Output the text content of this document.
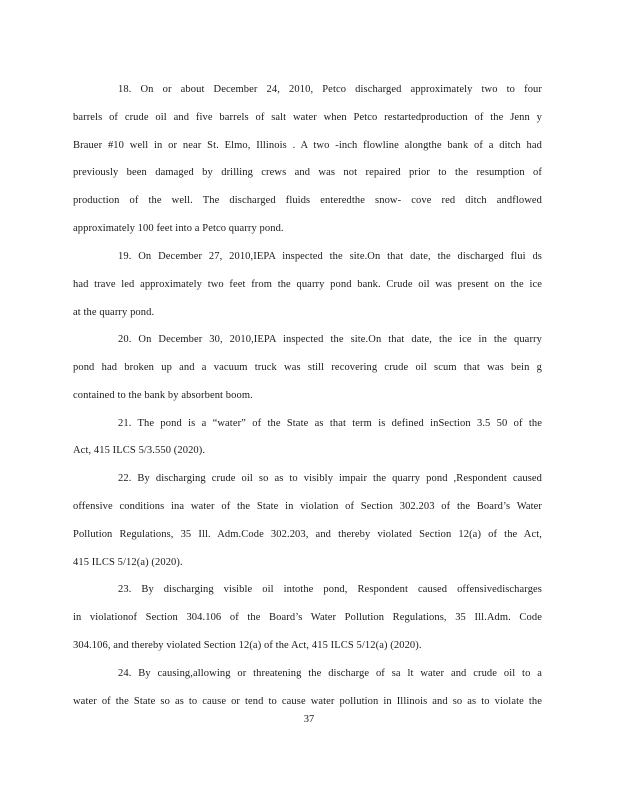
18. On or about December 24, 2010, Petco discharged approximately two to four
barrels of crude oil and five barrels of salt water when Petco restartedproduction of the Jenn y
Brauer #10 well in or near St. Elmo, Illinois . A two -inch flowline alongthe bank of a ditch had
previously been damaged by drilling crews and was not repaired prior to the resumption of
production of the well. The discharged fluids enteredthe snow- cove red ditch andflowed
approximately 100 feet into a Petco quarry pond.
19. On December 27, 2010,IEPA inspected the site.On that date, the discharged flui ds
had trave led approximately two feet from the quarry pond bank. Crude oil was present on the ice
at the quarry pond.
20. On December 30, 2010,IEPA inspected the site.On that date, the ice in the quarry
pond had broken up and a vacuum truck was still recovering crude oil scum that was bein g
contained to the bank by absorbent boom.
21. The pond is a “water” of the State as that term is defined inSection 3.5 50 of the
Act, 415 ILCS 5/3.550 (2020).
22. By discharging crude oil so as to visibly impair the quarry pond ,Respondent caused
offensive conditions ina water of the State in violation of Section 302.203 of the Board’s Water
Pollution Regulations, 35 Ill. Adm.Code 302.203, and thereby violated Section 12(a) of the Act,
415 ILCS 5/12(a) (2020).
23. By discharging visible oil intothe pond, Respondent caused offensivedischarges
in violationof Section 304.106 of the Board’s Water Pollution Regulations, 35 Ill.Adm. Code
304.106, and thereby violated Section 12(a) of the Act, 415 ILCS 5/12(a) (2020).
24. By causing,allowing or threatening the discharge of sa lt water and crude oil to a
water of the State so as to cause or tend to cause water pollution in Illinois and so as to violate the
37
